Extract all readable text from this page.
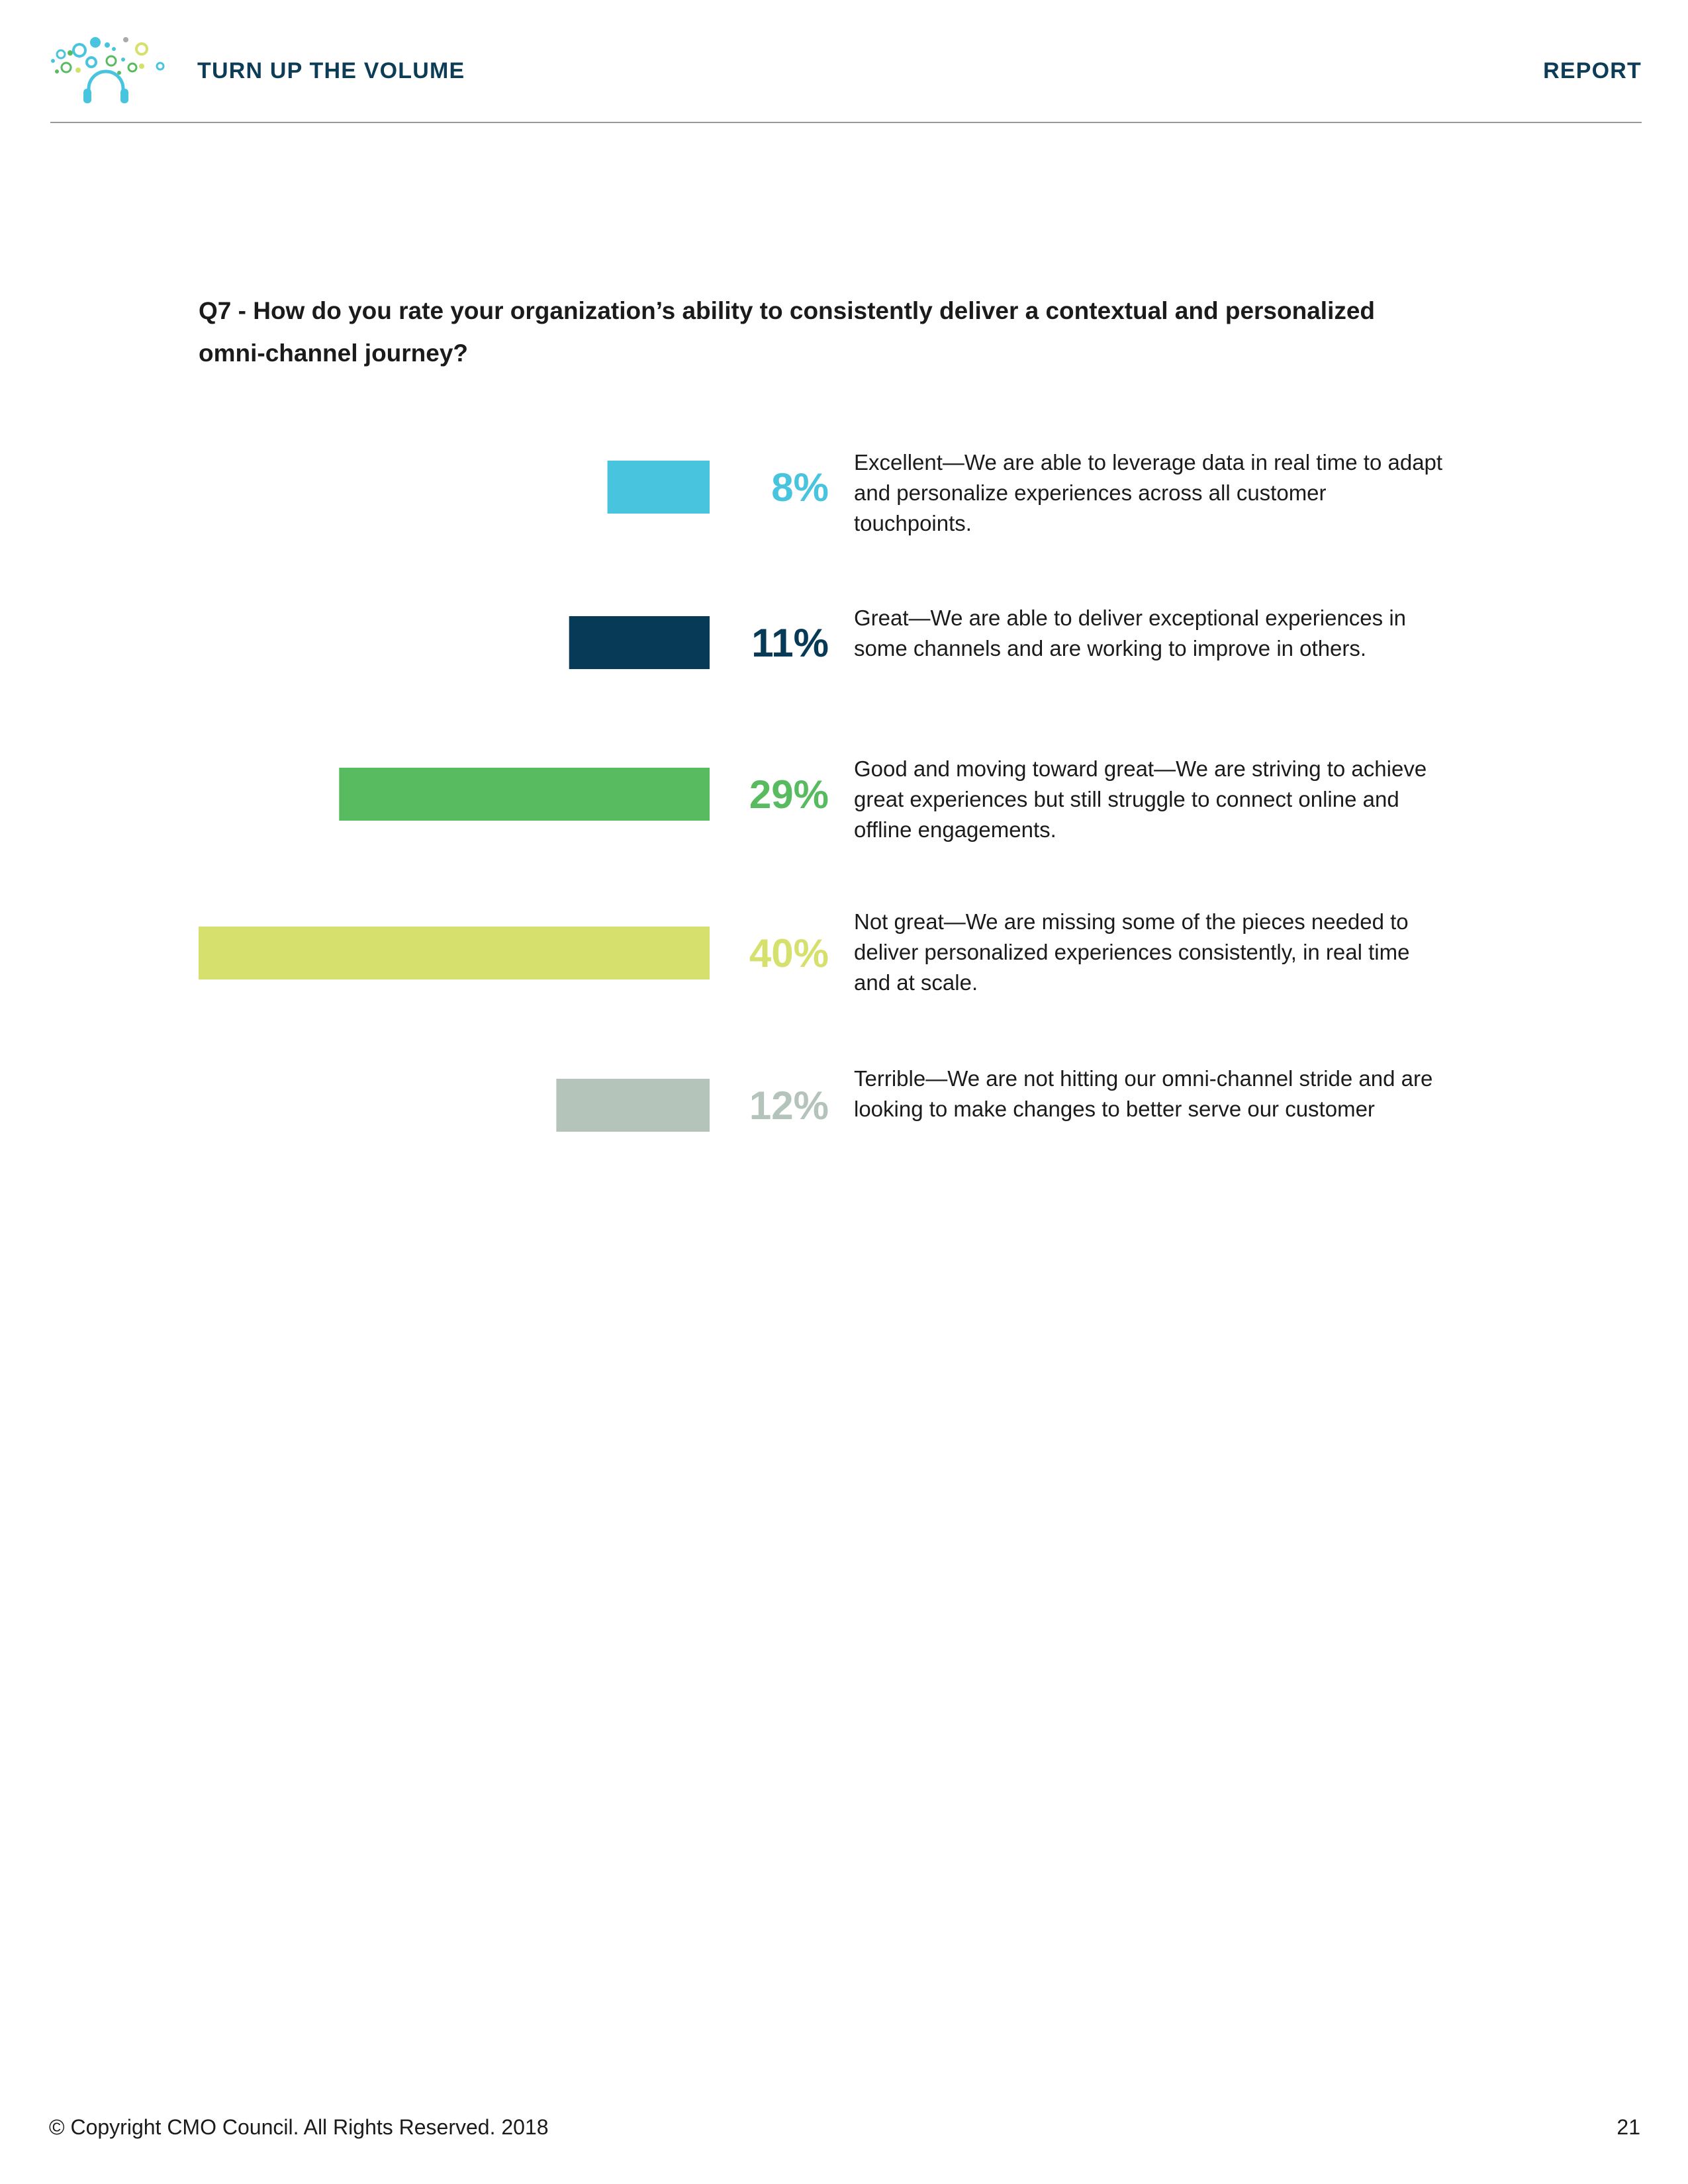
TURN UP THE VOLUME	REPORT
Q7 - How do you rate your organization’s ability to consistently deliver a contextual and personalized omni-channel journey?
8%
11%
29%
40%
12%
Excellent—We are able to leverage data in real time to adapt and personalize experiences across all customer touchpoints.
Great—We are able to deliver exceptional experiences in some channels and are working to improve in others.
Good and moving toward great—We are striving to achieve great experiences but still struggle to connect online and offline engagements.
Not great—We are missing some of the pieces needed to deliver personalized experiences consistently, in real time and at scale.
Terrible—We are not hitting our omni-channel stride and are looking to make changes to better serve our customer
© Copyright CMO Council. All Rights Reserved. 2018	21
